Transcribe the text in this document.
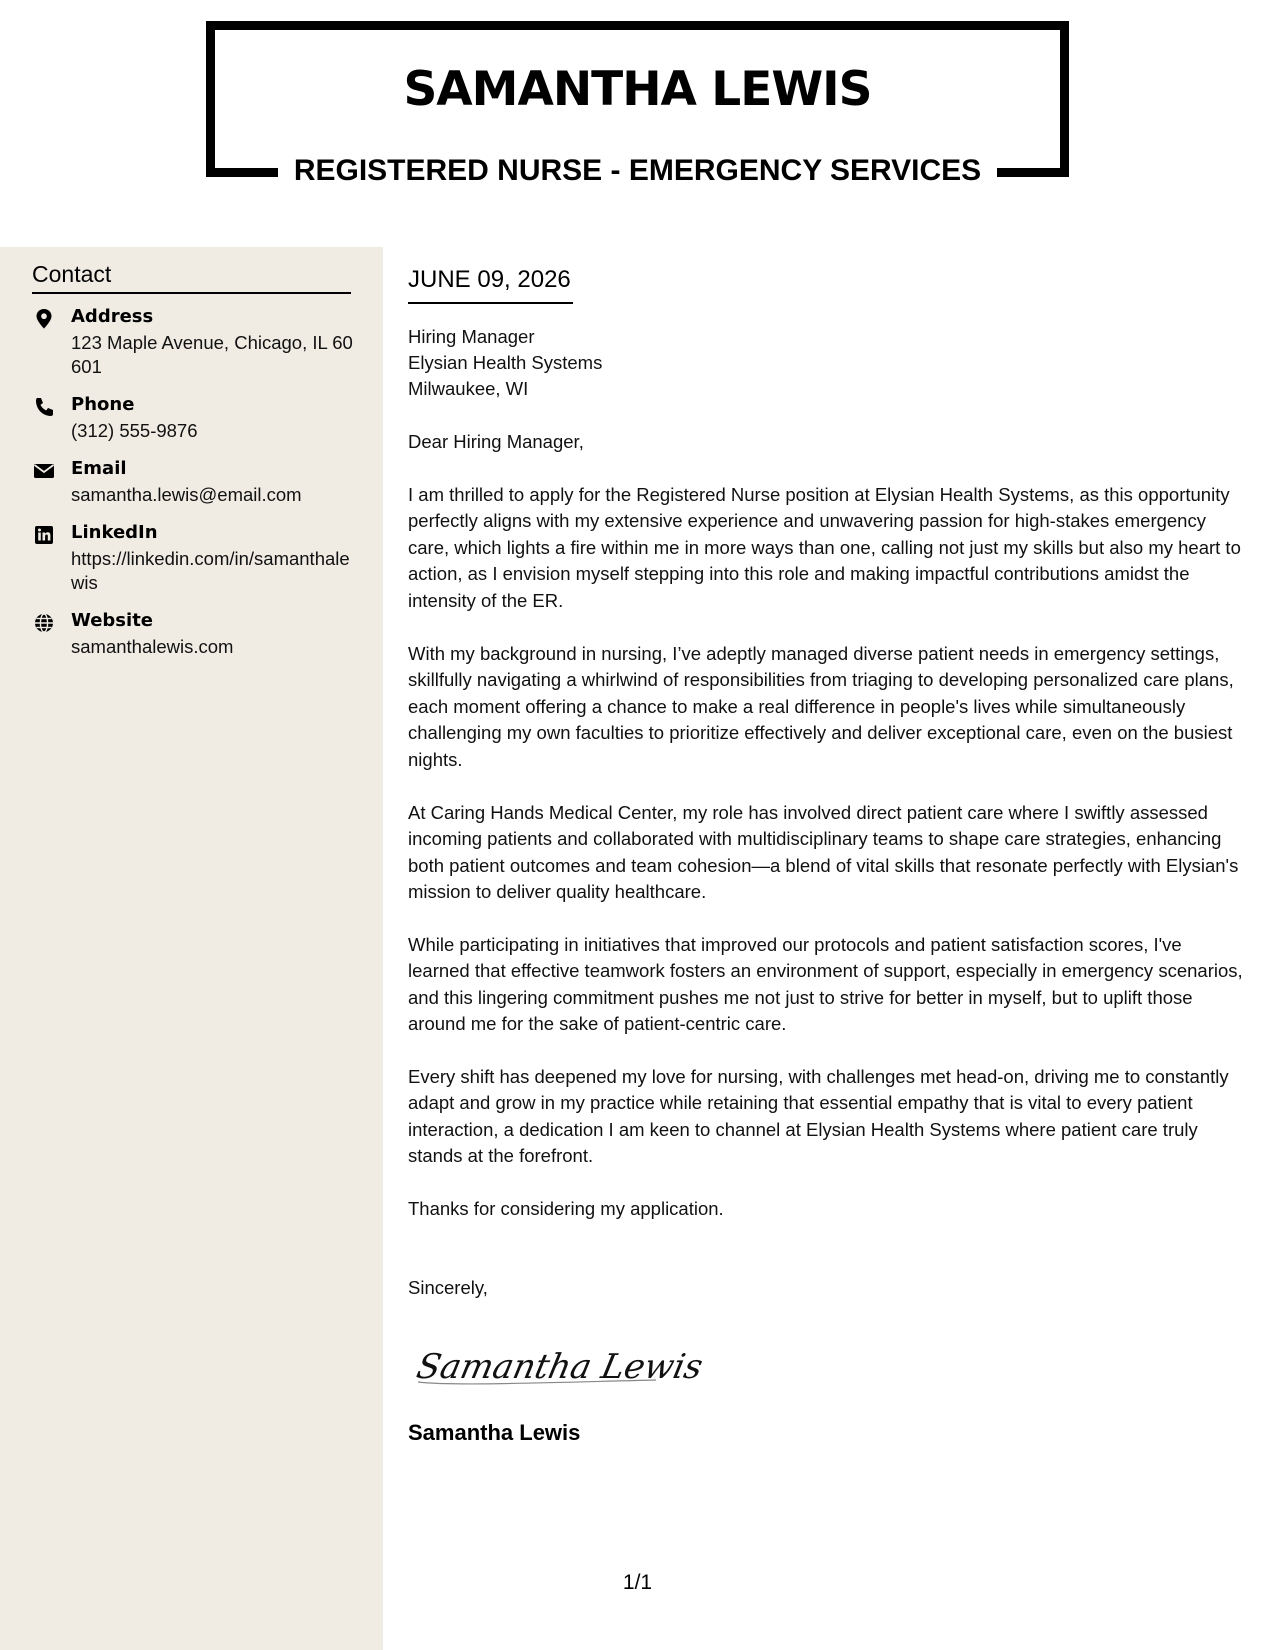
SAMANTHA LEWIS
REGISTERED NURSE - EMERGENCY SERVICES
Contact
Address
123 Maple Avenue, Chicago, IL 60601
Phone
(312) 555-9876
Email
samantha.lewis@email.com
LinkedIn
https://linkedin.com/in/samanthalewis
Website
samanthalewis.com
JUNE 09, 2026
Hiring Manager
Elysian Health Systems
Milwaukee, WI
Dear Hiring Manager,
I am thrilled to apply for the Registered Nurse position at Elysian Health Systems, as this opportunity perfectly aligns with my extensive experience and unwavering passion for high-stakes emergency care, which lights a fire within me in more ways than one, calling not just my skills but also my heart to action, as I envision myself stepping into this role and making impactful contributions amidst the intensity of the ER.
With my background in nursing, I’ve adeptly managed diverse patient needs in emergency settings, skillfully navigating a whirlwind of responsibilities from triaging to developing personalized care plans, each moment offering a chance to make a real difference in people's lives while simultaneously challenging my own faculties to prioritize effectively and deliver exceptional care, even on the busiest nights.
At Caring Hands Medical Center, my role has involved direct patient care where I swiftly assessed incoming patients and collaborated with multidisciplinary teams to shape care strategies, enhancing both patient outcomes and team cohesion—a blend of vital skills that resonate perfectly with Elysian's mission to deliver quality healthcare.
While participating in initiatives that improved our protocols and patient satisfaction scores, I've learned that effective teamwork fosters an environment of support, especially in emergency scenarios, and this lingering commitment pushes me not just to strive for better in myself, but to uplift those around me for the sake of patient-centric care.
Every shift has deepened my love for nursing, with challenges met head-on, driving me to constantly adapt and grow in my practice while retaining that essential empathy that is vital to every patient interaction, a dedication I am keen to channel at Elysian Health Systems where patient care truly stands at the forefront.
Thanks for considering my application.
Sincerely,
Samantha Lewis
Samantha Lewis
1/1
